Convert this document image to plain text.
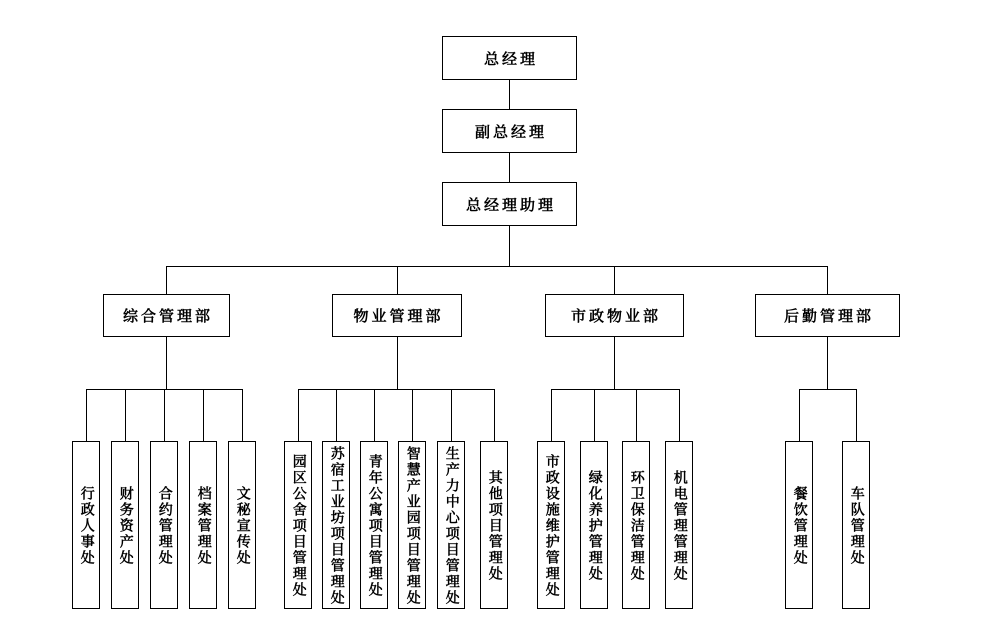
总经理
副总经理
总经理助理
综合管理部
行政人事处 财务资产处 合约管理处 档案管理处 文秘宣传处
物业管理部
园区公舍项目管理处 苏宿工业坊项目管理处 青年公寓项目管理处 智慧产业园项目管理处 生产力中心项目管理处 其他项目管理处
市政物业部
市政设施维护管理处 绿化养护管理处 环卫保洁管理处 机电管理管理处
后勤管理部
餐饮管理处	车队管理处
